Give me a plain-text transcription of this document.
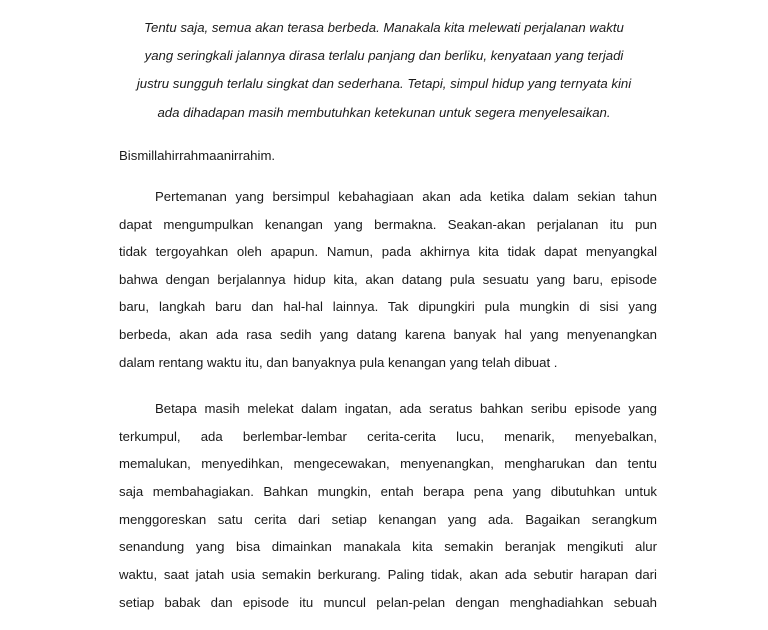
Tentu saja, semua akan terasa berbeda. Manakala kita melewati perjalanan waktu
yang seringkali jalannya dirasa terlalu panjang dan berliku, kenyataan yang terjadi
justru sungguh terlalu singkat dan sederhana. Tetapi, simpul hidup yang ternyata kini
ada dihadapan masih membutuhkan ketekunan untuk segera menyelesaikan.
Bismillahirrahmaanirrahim.
Pertemanan yang bersimpul kebahagiaan akan ada ketika dalam sekian tahun
dapat mengumpulkan kenangan yang bermakna. Seakan-akan perjalanan itu pun
tidak tergoyahkan oleh apapun. Namun, pada akhirnya kita tidak dapat menyangkal
bahwa dengan berjalannya hidup kita, akan datang pula sesuatu yang baru, episode
baru, langkah baru dan hal-hal lainnya. Tak dipungkiri pula mungkin di sisi yang
berbeda, akan ada rasa sedih yang datang karena banyak hal yang menyenangkan
dalam rentang waktu itu, dan banyaknya pula kenangan yang telah dibuat .
Betapa masih melekat dalam ingatan, ada seratus bahkan seribu episode yang
terkumpul, ada berlembar-lembar cerita-cerita lucu, menarik, menyebalkan,
memalukan, menyedihkan, mengecewakan, menyenangkan, mengharukan dan tentu
saja membahagiakan. Bahkan mungkin, entah berapa pena yang dibutuhkan untuk
menggoreskan satu cerita dari setiap kenangan yang ada. Bagaikan serangkum
senandung yang bisa dimainkan manakala kita semakin beranjak mengikuti alur
waktu, saat jatah usia semakin berkurang. Paling tidak, akan ada sebutir harapan dari
setiap babak dan episode itu muncul pelan-pelan dengan menghadiahkan sebuah
